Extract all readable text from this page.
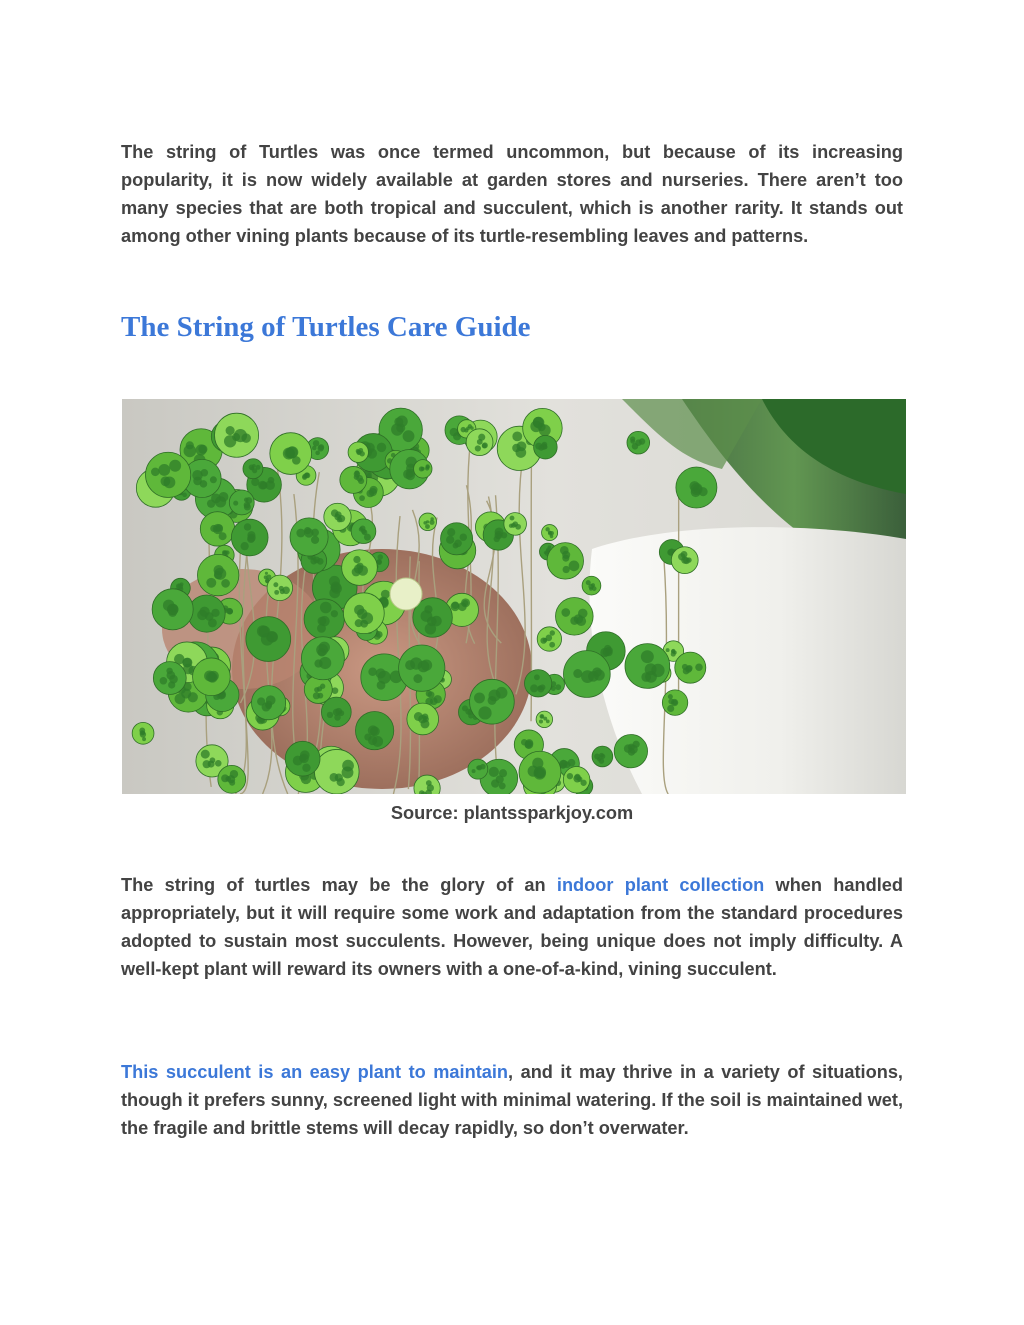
The string of Turtles was once termed uncommon, but because of its increasing popularity, it is now widely available at garden stores and nurseries. There aren’t too many species that are both tropical and succulent, which is another rarity. It stands out among other vining plants because of its turtle-resembling leaves and patterns.

The String of Turtles Care Guide
Source: plantssparkjoy.com

The string of turtles may be the glory of an indoor plant collection when handled appropriately, but it will require some work and adaptation from the standard procedures adopted to sustain most succulents. However, being unique does not imply difficulty. A well-kept plant will reward its owners with a one-of-a-kind, vining succulent.

This succulent is an easy plant to maintain, and it may thrive in a variety of situations, though it prefers sunny, screened light with minimal watering. If the soil is maintained wet, the fragile and brittle stems will decay rapidly, so don’t overwater.
